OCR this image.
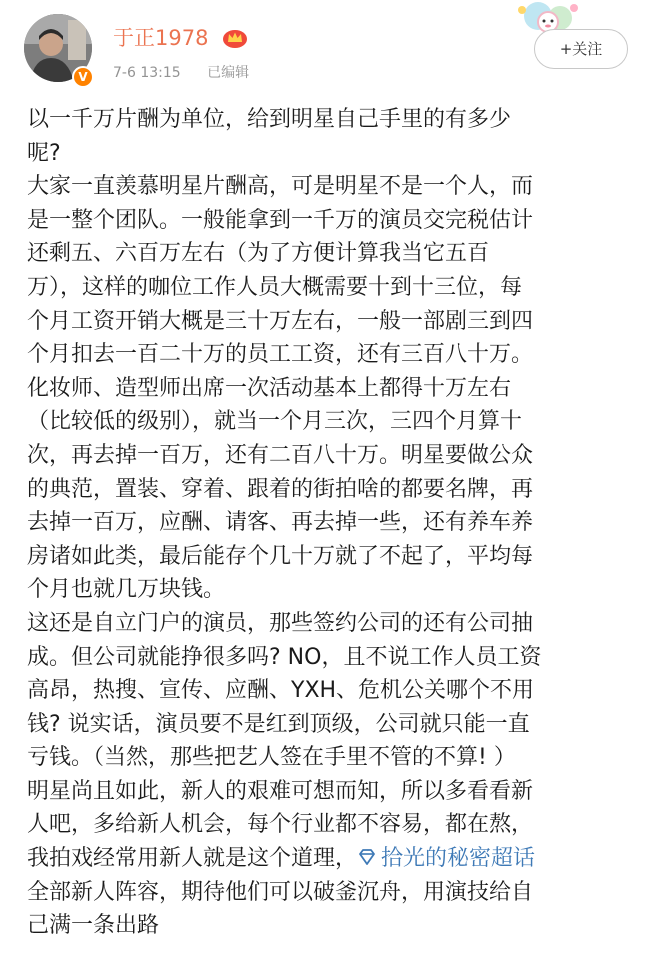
V
于正1978
7-6 13:15 已编辑
+关注

以一千万片酬为单位，给到明星自己手里的有多少

呢?

大家一直羡慕明星片酬高，可是明星不是一个人，而

是一整个团队。一般能拿到一千万的演员交完税估计

还剩五、六百万左右（为了方便计算我当它五百

万），这样的咖位工作人员大概需要十到十三位，每

个月工资开销大概是三十万左右，一般一部剧三到四

个月扣去一百二十万的员工工资，还有三百八十万。

化妆师、造型师出席一次活动基本上都得十万左右

（比较低的级别），就当一个月三次，三四个月算十

次，再去掉一百万，还有二百八十万。明星要做公众

的典范，置装、穿着、跟着的街拍啥的都要名牌，再

去掉一百万，应酬、请客、再去掉一些，还有养车养

房诸如此类，最后能存个几十万就了不起了，平均每

个月也就几万块钱。

这还是自立门户的演员，那些签约公司的还有公司抽

成。但公司就能挣很多吗? NO，且不说工作人员工资

高昂，热搜、宣传、应酬、YXH、危机公关哪个不用

钱? 说实话，演员要不是红到顶级，公司就只能一直

亏钱。（当然，那些把艺人签在手里不管的不算! ）

明星尚且如此，新人的艰难可想而知，所以多看看新

人吧，多给新人机会，每个行业都不容易，都在熬，

我拍戏经常用新人就是这个道理， 拾光的秘密超话

全部新人阵容，期待他们可以破釜沉舟，用演技给自

己满一条出路
